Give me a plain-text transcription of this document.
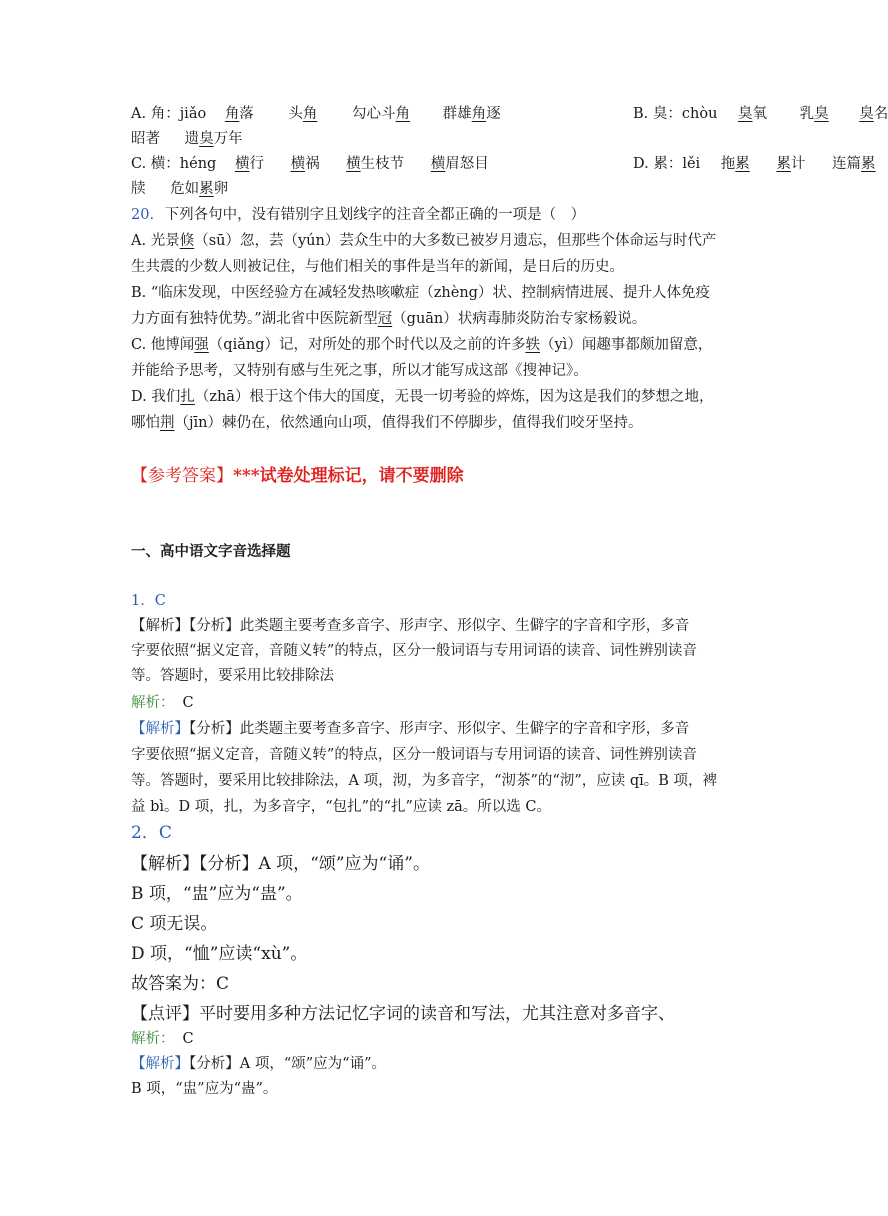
A. 角：jiǎo 角落 头角 勾心斗角 群雄角逐	B. 臭：chòu 臭氧 乳臭 臭名
昭著 遗臭万年
C. 横：héng 横行 横祸 横生枝节 横眉怒目	D. 累：lěi 拖累 累计 连篇累
牍 危如累卵
20. 下列各句中，没有错别字且划线字的注音全都正确的一项是（　）
A. 光景倏（sū）忽，芸（yún）芸众生中的大多数已被岁月遗忘，但那些个体命运与时代产
生共震的少数人则被记住，与他们相关的事件是当年的新闻，是日后的历史。
B. “临床发现，中医经验方在减轻发热咳嗽症（zhèng）状、控制病情进展、提升人体免疫
力方面有独特优势。”湖北省中医院新型冠（guān）状病毒肺炎防治专家杨毅说。
C. 他博闻强（qiǎng）记，对所处的那个时代以及之前的许多轶（yì）闻趣事都颇加留意，
并能给予思考，又特别有感与生死之事，所以才能写成这部《搜神记》。
D. 我们扎（zhā）根于这个伟大的国度，无畏一切考验的焠炼，因为这是我们的梦想之地，
哪怕荆（jīn）棘仍在，依然通向山项，值得我们不停脚步，值得我们咬牙坚持。
【参考答案】***试卷处理标记，请不要删除
一、高中语文字音选择题
1．C
【解析】【分析】此类题主要考查多音字、形声字、形似字、生僻字的字音和字形，多音
字要依照“据义定音，音随义转”的特点，区分一般词语与专用词语的读音、词性辨别读音
等。答题时，要采用比较排除法
解析： C
【解析】【分析】此类题主要考查多音字、形声字、形似字、生僻字的字音和字形，多音
字要依照“据义定音，音随义转”的特点，区分一般词语与专用词语的读音、词性辨别读音
等。答题时，要采用比较排除法，A 项，沏，为多音字，“沏茶”的“沏”，应读 qī。B 项，裨
益 bì。D 项，扎，为多音字，“包扎”的“扎”应读 zā。所以选 C。
2．C
【解析】【分析】A 项，“颂”应为“诵”。
B 项，“盅”应为“蛊”。
C 项无误。
D 项，“恤”应读“xù”。
故答案为：C
【点评】平时要用多种方法记忆字词的读音和写法，尤其注意对多音字、
解析： C
【解析】【分析】A 项，“颂”应为“诵”。
B 项，“盅”应为“蛊”。
